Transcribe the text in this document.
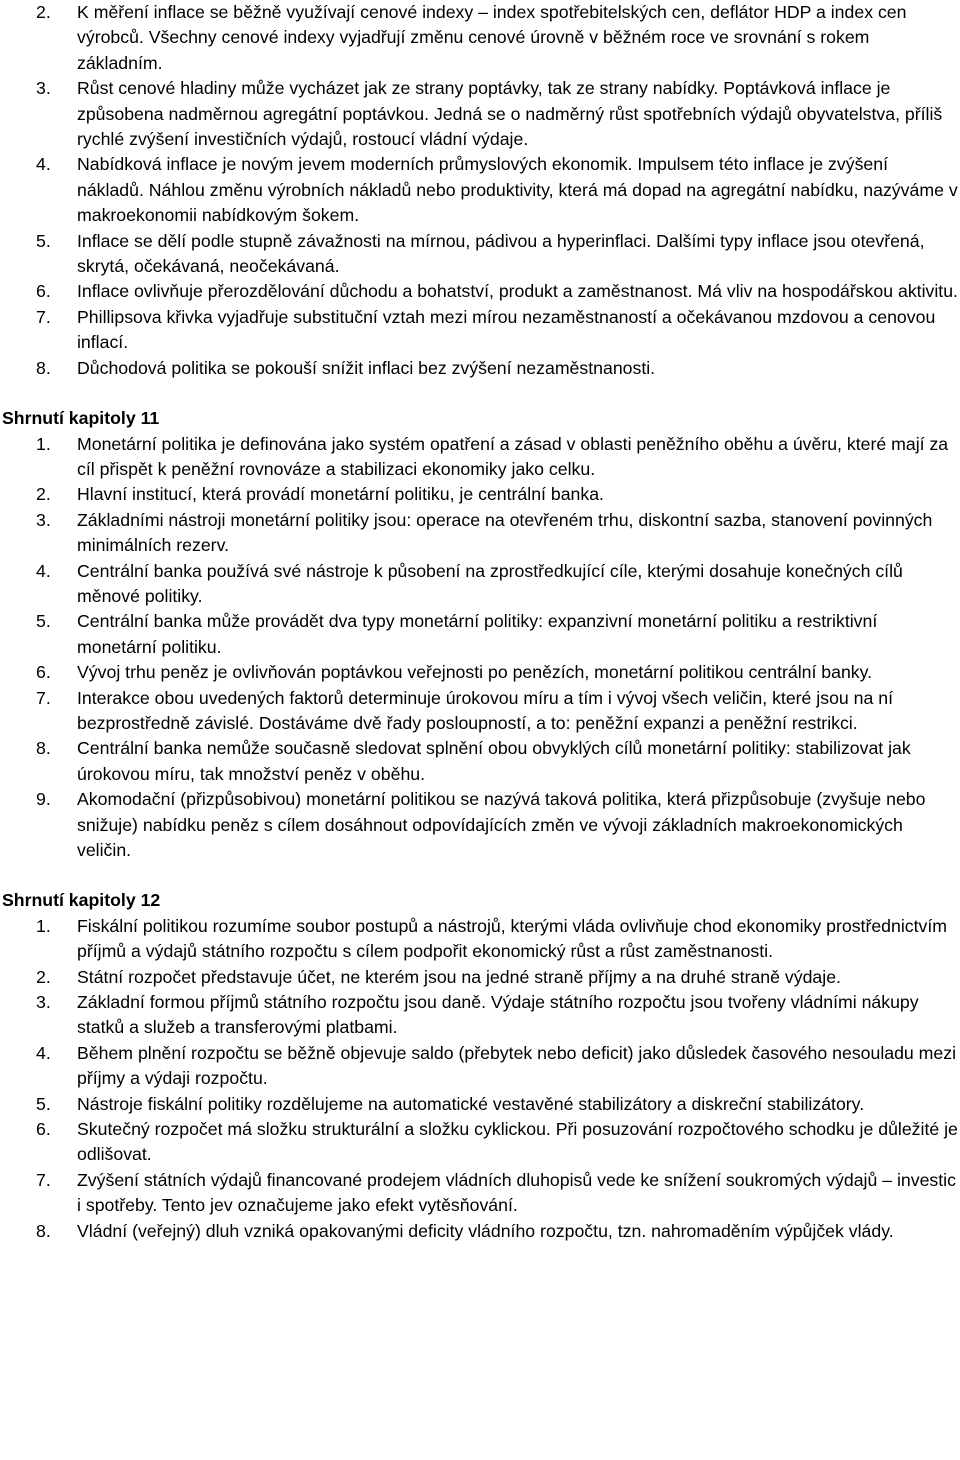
2. K měření inflace se běžně využívají cenové indexy – index spotřebitelských cen, deflátor HDP a index cen výrobců. Všechny cenové indexy vyjadřují změnu cenové úrovně v běžném roce ve srovnání s rokem základním.
3. Růst cenové hladiny může vycházet jak ze strany poptávky, tak ze strany nabídky. Poptávková inflace je způsobena nadměrnou agregátní poptávkou. Jedná se o nadměrný růst spotřebních výdajů obyvatelstva, příliš rychlé zvýšení investičních výdajů, rostoucí vládní výdaje.
4. Nabídková inflace je novým jevem moderních průmyslových ekonomik. Impulsem této inflace je zvýšení nákladů. Náhlou změnu výrobních nákladů nebo produktivity, která má dopad na agregátní nabídku, nazýváme v makroekonomii nabídkovým šokem.
5. Inflace se dělí podle stupně závažnosti na mírnou, pádivou a hyperinflaci. Dalšími typy inflace jsou otevřená, skrytá, očekávaná, neočekávaná.
6. Inflace ovlivňuje přerozdělování důchodu a bohatství, produkt a zaměstnanost. Má vliv na hospodářskou aktivitu.
7. Phillipsova křivka vyjadřuje substituční vztah mezi mírou nezaměstnaností a očekávanou mzdovou a cenovou inflací.
8. Důchodová politika se pokouší snížit inflaci bez zvýšení nezaměstnanosti.
Shrnutí kapitoly 11
1. Monetární politika je definována jako systém opatření a zásad v oblasti peněžního oběhu a úvěru, které mají za cíl přispět k peněžní rovnováze a stabilizaci ekonomiky jako celku.
2. Hlavní institucí, která provádí monetární politiku, je centrální banka.
3. Základními nástroji monetární politiky jsou: operace na otevřeném trhu, diskontní sazba, stanovení povinných minimálních rezerv.
4. Centrální banka používá své nástroje k působení na zprostředkující cíle, kterými dosahuje konečných cílů měnové politiky.
5. Centrální banka může provádět dva typy monetární politiky: expanzivní monetární politiku a restriktivní monetární politiku.
6. Vývoj trhu peněz je ovlivňován poptávkou veřejnosti po penězích, monetární politikou centrální banky.
7. Interakce obou uvedených faktorů determinuje úrokovou míru a tím i vývoj všech veličin, které jsou na ní bezprostředně závislé. Dostáváme dvě řady posloupností, a to: peněžní expanzi a peněžní restrikci.
8. Centrální banka nemůže současně sledovat splnění obou obvyklých cílů monetární politiky: stabilizovat jak úrokovou míru, tak množství peněz v oběhu.
9. Akomodační (přizpůsobivou) monetární politikou se nazývá taková politika, která přizpůsobuje (zvyšuje nebo snižuje) nabídku peněz s cílem dosáhnout odpovídajících změn ve vývoji základních makroekonomických veličin.
Shrnutí kapitoly 12
1. Fiskální politikou rozumíme soubor postupů a nástrojů, kterými vláda ovlivňuje chod ekonomiky prostřednictvím příjmů a výdajů státního rozpočtu s cílem podpořit ekonomický růst a růst zaměstnanosti.
2. Státní rozpočet představuje účet, ne kterém jsou na jedné straně příjmy a na druhé straně výdaje.
3. Základní formou příjmů státního rozpočtu jsou daně. Výdaje státního rozpočtu jsou tvořeny vládními nákupy statků a služeb a transferovými platbami.
4. Během plnění rozpočtu se běžně objevuje saldo (přebytek nebo deficit) jako důsledek časového nesouladu mezi příjmy a výdaji rozpočtu.
5. Nástroje fiskální politiky rozdělujeme na automatické vestavěné stabilizátory a diskreční stabilizátory.
6. Skutečný rozpočet má složku strukturální a složku cyklickou. Při posuzování rozpočtového schodku je důležité je odlišovat.
7. Zvýšení státních výdajů financované prodejem vládních dluhopisů vede ke snížení soukromých výdajů – investic i spotřeby. Tento jev označujeme jako efekt vytěsňování.
8. Vládní (veřejný) dluh vzniká opakovanými deficity vládního rozpočtu, tzn. nahromaděním výpůjček vlády.
